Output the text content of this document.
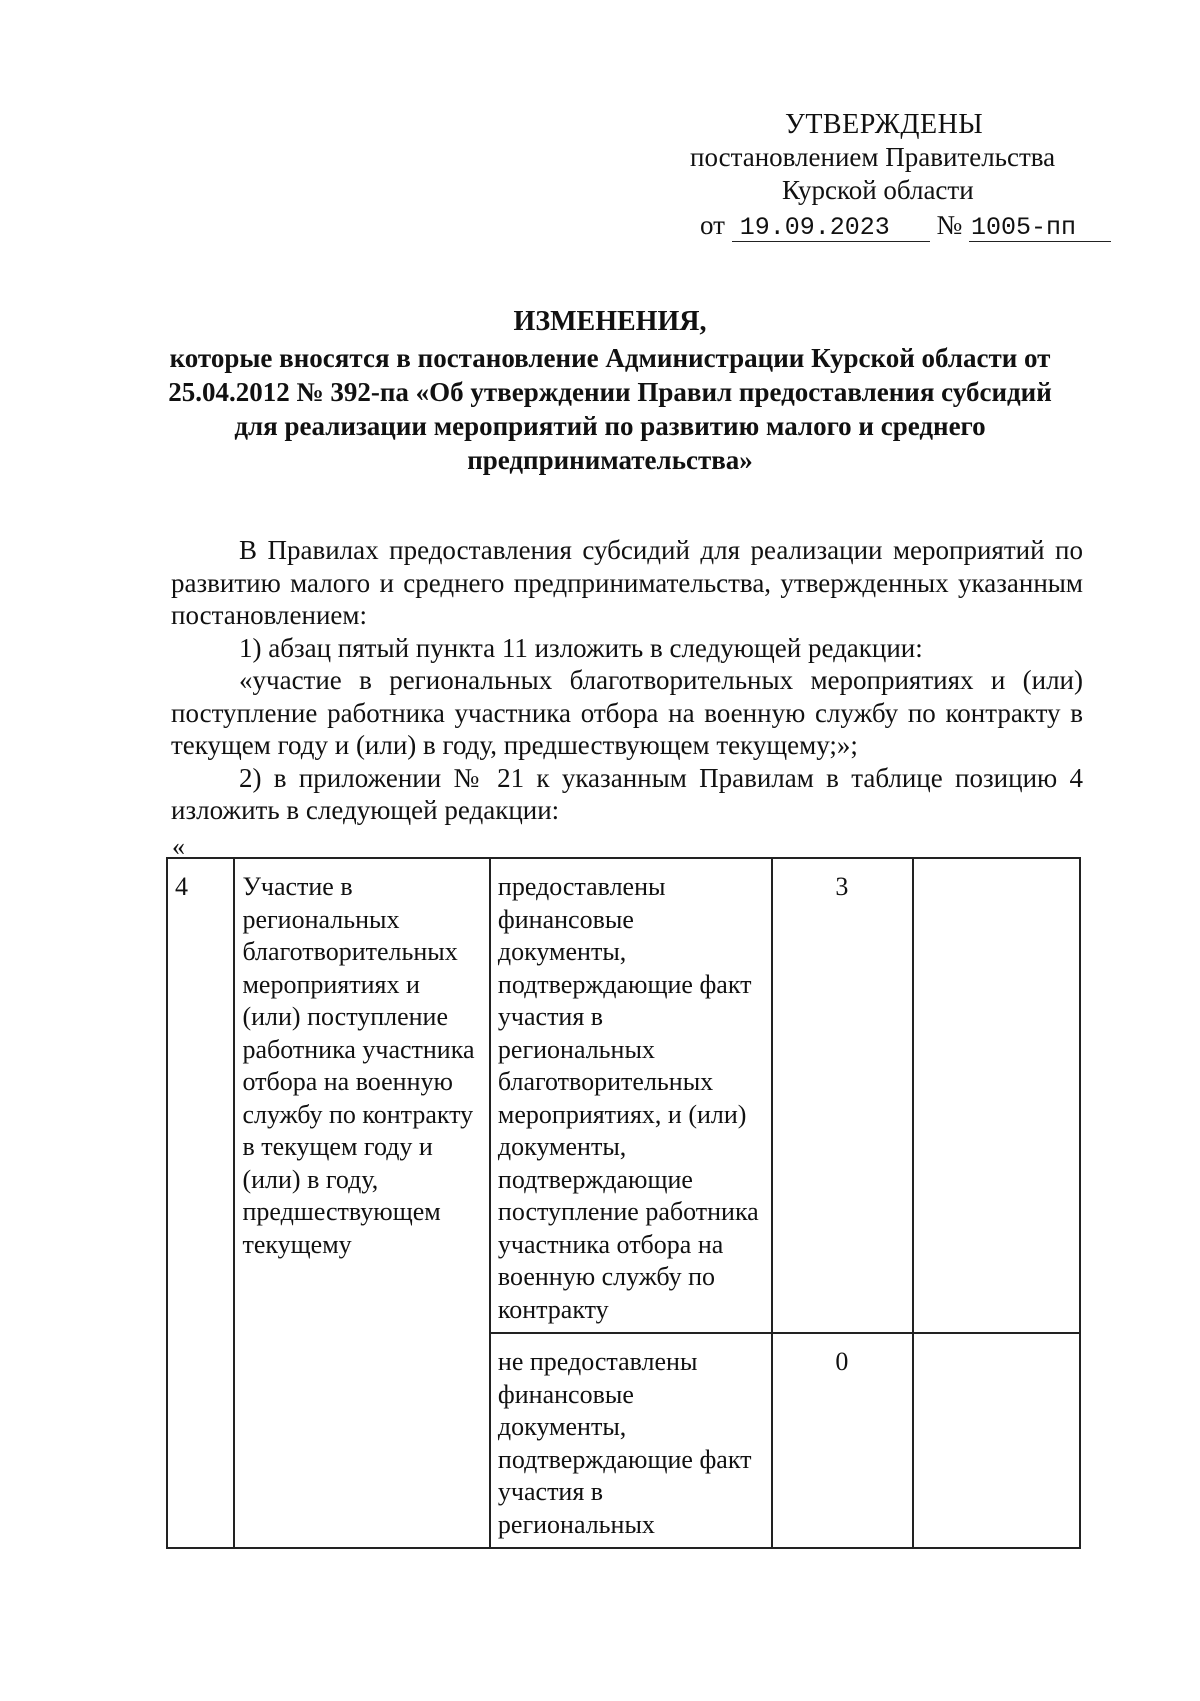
УТВЕРЖДЕНЫ
постановлением Правительства
Курской области
от 19.09.2023 № 1005-пп
ИЗМЕНЕНИЯ,
которые вносятся в постановление Администрации Курской области от 25.04.2012 № 392-па «Об утверждении Правил предоставления субсидий для реализации мероприятий по развитию малого и среднего предпринимательства»

В Правилах предоставления субсидий для реализации мероприятий по развитию малого и среднего предпринимательства, утвержденных указанным постановлением:

1) абзац пятый пункта 11 изложить в следующей редакции:

«участие в региональных благотворительных мероприятиях и (или) поступление работника участника отбора на военную службу по контракту в текущем году и (или) в году, предшествующем текущему;»;

2) в приложении № 21 к указанным Правилам в таблице позицию 4 изложить в следующей редакции:

«
4	Участие в региональных благотворительных мероприятиях и (или) поступление работника участника отбора на военную службу по контракту в текущем году и (или) в году, предшествующем текущему	предоставлены финансовые документы, подтверждающие факт участия в региональных благотворительных мероприятиях, и (или) документы, подтверждающие поступление работника участника отбора на военную службу по контракту	3	
		не предоставлены финансовые документы, подтверждающие факт участия в региональных	0	
